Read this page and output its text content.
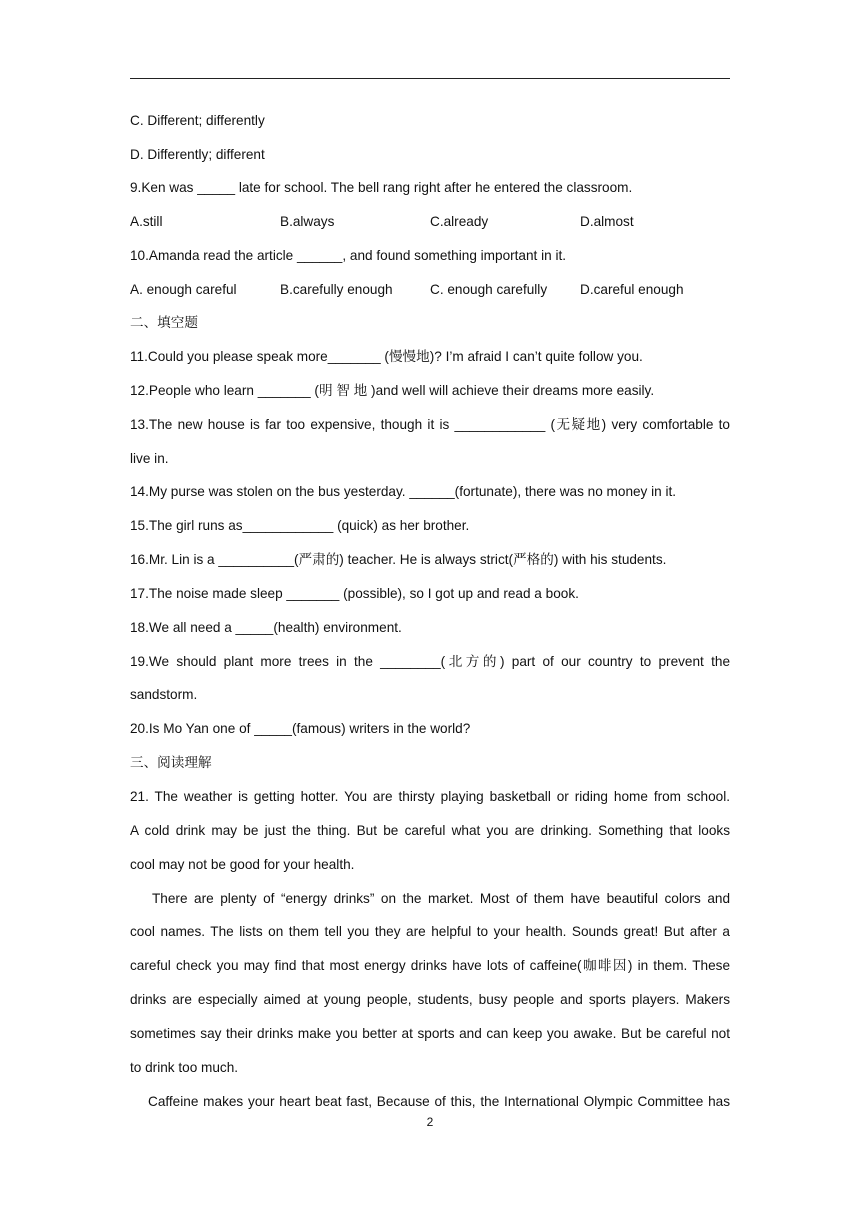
C. Different; differently
D. Differently; different
9.Ken was _____ late for school. The bell rang right after he entered the classroom.
A.still	B.always	C.already	D.almost
10.Amanda read the article ______, and found something important in it.
A. enough careful	B.carefully enough	C. enough carefully D.careful enough
二、填空题
11.Could you please speak more_______ (慢慢地)? I’m afraid I can’t quite follow you.
12.People who learn _______ (明 智 地 )and well will achieve their dreams more easily.
13.The new house is far too expensive, though it is ____________ (无疑地) very comfortable to
live in.
14.My purse was stolen on the bus yesterday. ______(fortunate), there was no money in it.
15.The girl runs as____________ (quick) as her brother.
16.Mr. Lin is a __________(严肃的) teacher. He is always strict(严格的) with his students.
17.The noise made sleep _______ (possible), so I got up and read a book.
18.We all need a _____(health) environment.
19.We should plant more trees in the ________(北方的) part of our country to prevent the
sandstorm.
20.Is Mo Yan one of _____(famous) writers in the world?
三、阅读理解
21. The weather is getting hotter. You are thirsty playing basketball or riding home from school.
A cold drink may be just the thing. But be careful what you are drinking. Something that looks
cool may not be good for your health.
There are plenty of “energy drinks” on the market. Most of them have beautiful colors and
cool names. The lists on them tell you they are helpful to your health. Sounds great! But after a
careful check you may find that most energy drinks have lots of caffeine(咖啡因) in them. These
drinks are especially aimed at young people, students, busy people and sports players. Makers
sometimes say their drinks make you better at sports and can keep you awake. But be careful not
to drink too much.
Caffeine makes your heart beat fast, Because of this, the International Olympic Committee has
2
